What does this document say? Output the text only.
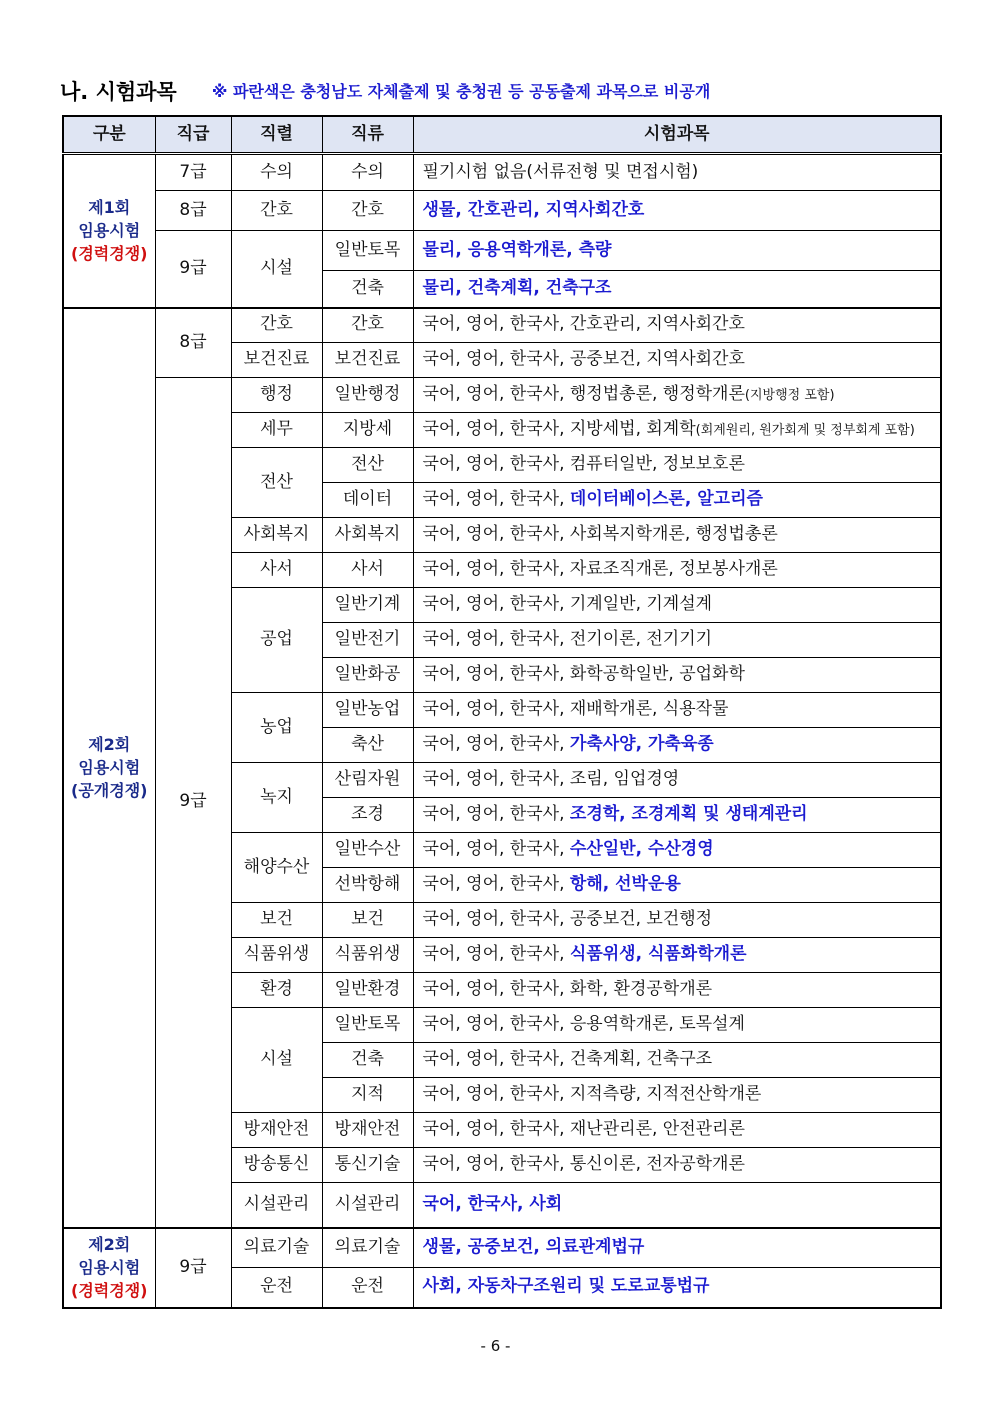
나. 시험과목 ※ 파란색은 충청남도 자체출제 및 충청권 등 공동출제 과목으로 비공개
구분	직급	직렬	직류	시험과목

제1회
임용시험
(경력경쟁)	7급	수의	수의	필기시험 없음(서류전형 및 면접시험)
	8급	간호	간호	생물, 간호관리, 지역사회간호
	9급	시설	일반토목	물리, 응용역학개론, 측량
			건축	물리, 건축계획, 건축구조

제2회
임용시험
(공개경쟁)	8급	간호	간호	국어, 영어, 한국사, 간호관리, 지역사회간호
		보건진료	보건진료	국어, 영어, 한국사, 공중보건, 지역사회간호
	9급	행정	일반행정	국어, 영어, 한국사, 행정법총론, 행정학개론(지방행정 포함)
		세무	지방세	국어, 영어, 한국사, 지방세법, 회계학(회계원리, 원가회계 및 정부회계 포함)
		전산	전산	국어, 영어, 한국사, 컴퓨터일반, 정보보호론
			데이터	국어, 영어, 한국사, 데이터베이스론, 알고리즘
		사회복지	사회복지	국어, 영어, 한국사, 사회복지학개론, 행정법총론
		사서	사서	국어, 영어, 한국사, 자료조직개론, 정보봉사개론
		공업	일반기계	국어, 영어, 한국사, 기계일반, 기계설계
			일반전기	국어, 영어, 한국사, 전기이론, 전기기기
			일반화공	국어, 영어, 한국사, 화학공학일반, 공업화학
		농업	일반농업	국어, 영어, 한국사, 재배학개론, 식용작물
			축산	국어, 영어, 한국사, 가축사양, 가축육종
		녹지	산림자원	국어, 영어, 한국사, 조림, 임업경영
			조경	국어, 영어, 한국사, 조경학, 조경계획 및 생태계관리
		해양수산	일반수산	국어, 영어, 한국사, 수산일반, 수산경영
			선박항해	국어, 영어, 한국사, 항해, 선박운용
		보건	보건	국어, 영어, 한국사, 공중보건, 보건행정
		식품위생	식품위생	국어, 영어, 한국사, 식품위생, 식품화학개론
		환경	일반환경	국어, 영어, 한국사, 화학, 환경공학개론
		시설	일반토목	국어, 영어, 한국사, 응용역학개론, 토목설계
			건축	국어, 영어, 한국사, 건축계획, 건축구조
			지적	국어, 영어, 한국사, 지적측량, 지적전산학개론
		방재안전	방재안전	국어, 영어, 한국사, 재난관리론, 안전관리론
		방송통신	통신기술	국어, 영어, 한국사, 통신이론, 전자공학개론
		시설관리	시설관리	국어, 한국사, 사회

제2회
임용시험
(경력경쟁)	9급	의료기술	의료기술	생물, 공중보건, 의료관계법규
		운전	운전	사회, 자동차구조원리 및 도로교통법규
- 6 -
